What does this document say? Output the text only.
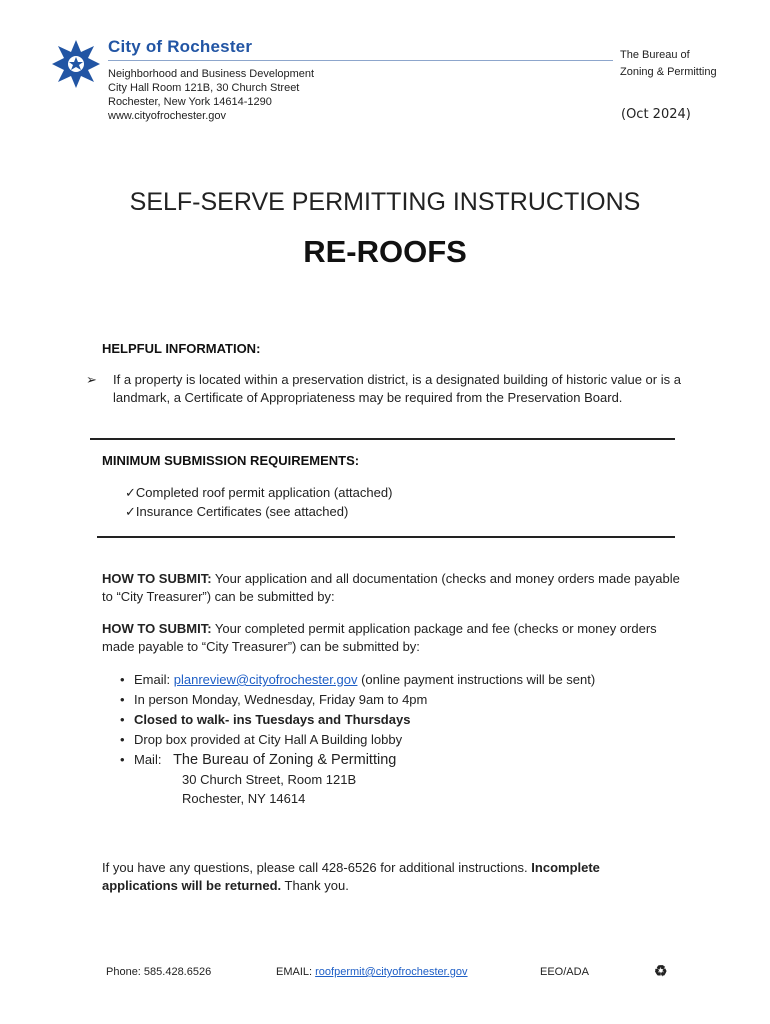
City of Rochester
Neighborhood and Business Development
City Hall Room 121B, 30 Church Street
Rochester, New York 14614-1290
www.cityofrochester.gov
The Bureau of
Zoning & Permitting
(Oct 2024)
SELF-SERVE PERMITTING INSTRUCTIONS
RE-ROOFS
HELPFUL INFORMATION:
➢ If a property is located within a preservation district, is a designated building of historic value or is a landmark, a Certificate of Appropriateness may be required from the Preservation Board.
MINIMUM SUBMISSION REQUIREMENTS:
✓Completed roof permit application (attached)
✓Insurance Certificates (see attached)
HOW TO SUBMIT: Your application and all documentation (checks and money orders made payable to “City Treasurer”) can be submitted by:
HOW TO SUBMIT: Your completed permit application package and fee (checks or money orders made payable to “City Treasurer”) can be submitted by:
• Email: planreview@cityofrochester.gov (online payment instructions will be sent)
• In person Monday, Wednesday, Friday 9am to 4pm
• Closed to walk- ins Tuesdays and Thursdays
• Drop box provided at City Hall A Building lobby
• Mail: The Bureau of Zoning & Permitting
30 Church Street, Room 121B
Rochester, NY 14614
If you have any questions, please call 428-6526 for additional instructions. Incomplete applications will be returned. Thank you.
Phone: 585.428.6526	EMAIL: roofpermit@cityofrochester.gov	EEO/ADA	♻
